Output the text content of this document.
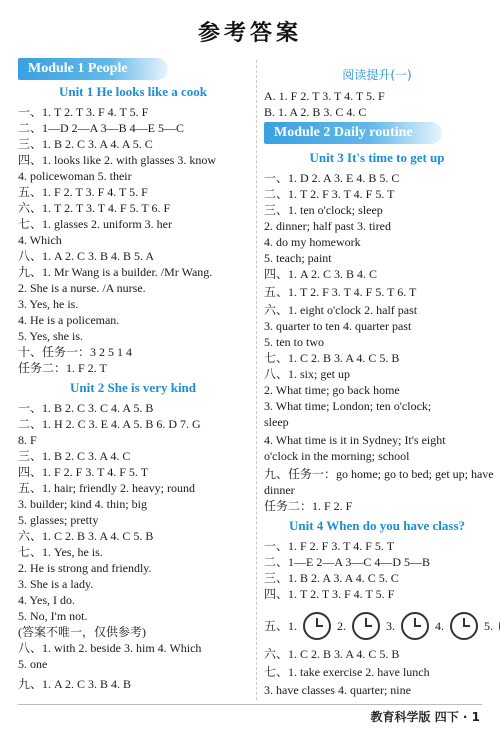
参考答案
Module 1 People
Unit 1 He looks like a cook
一、1. T 2. T 3. F 4. T 5. F
二、1—D 2—A 3—B 4—E 5—C
三、1. B 2. C 3. A 4. A 5. C
四、1. looks like 2. with glasses 3. know
4. policewoman 5. their
五、1. F 2. T 3. F 4. T 5. F
六、1. T 2. T 3. T 4. F 5. T 6. F
七、1. glasses 2. uniform 3. her
4. Which
八、1. A 2. C 3. B 4. B 5. A
九、1. Mr Wang is a builder. /Mr Wang.
2. She is a nurse. /A nurse.
3. Yes, he is.
4. He is a policeman.
5. Yes, she is.
十、任务一：3 2 5 1 4
任务二：1. F 2. T
Unit 2 She is very kind
一、1. B 2. C 3. C 4. A 5. B
二、1. H 2. C 3. E 4. A 5. B 6. D 7. G
8. F
三、1. B 2. C 3. A 4. C
四、1. F 2. F 3. T 4. F 5. T
五、1. hair; friendly 2. heavy; round
3. builder; kind 4. thin; big
5. glasses; pretty
六、1. C 2. B 3. A 4. C 5. B
七、1. Yes, he is.
2. He is strong and friendly.
3. She is a lady.
4. Yes, I do.
5. No, I'm not.
(答案不唯一，仅供参考)
八、1. with 2. beside 3. him 4. Which
5. one
九、1. A 2. C 3. B 4. B
阅读提升(一)
A. 1. F 2. T 3. T 4. T 5. F
B. 1. A 2. B 3. C 4. C
Module 2 Daily routine
Unit 3 It's time to get up
一、1. D 2. A 3. E 4. B 5. C
二、1. T 2. F 3. T 4. F 5. T
三、1. ten o'clock; sleep
2. dinner; half past 3. tired
4. do my homework
5. teach; paint
四、1. A 2. C 3. B 4. C
五、1. T 2. F 3. T 4. F 5. T 6. T
六、1. eight o'clock 2. half past
3. quarter to ten 4. quarter past
5. ten to two
七、1. C 2. B 3. A 4. C 5. B
八、1. six; get up
2. What time; go back home
3. What time; London; ten o'clock;
sleep
4. What time is it in Sydney; It's eight
o'clock in the morning; school
九、任务一：go home; go to bed; get up; have
dinner
任务二：1. F 2. F
Unit 4 When do you have class?
一、1. F 2. F 3. T 4. F 5. T
二、1—E 2—A 3—C 4—D 5—B
三、1. B 2. A 3. A 4. C 5. C
四、1. T 2. T 3. F 4. T 5. F
五、1.	2.	3.	4.	5.
六、1. C 2. B 3. A 4. C 5. B
七、1. take exercise 2. have lunch
3. have classes 4. quarter; nine
教育科学版 四下 · 1
